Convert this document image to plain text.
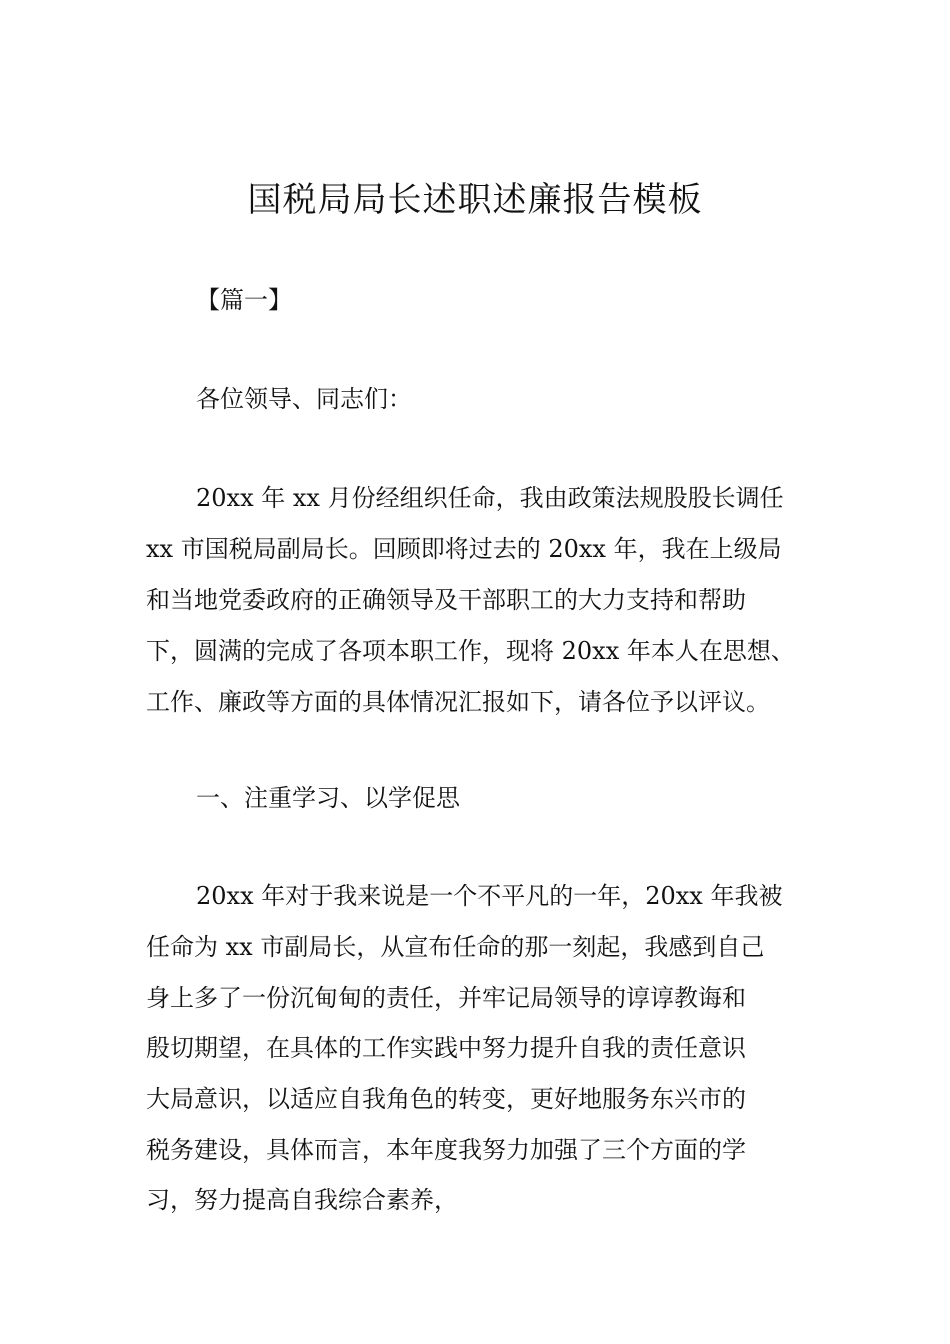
国税局局长述职述廉报告模板

【篇一】

各位领导、同志们：

20xx 年 xx 月份经组织任命，我由政策法规股股长调任

xx 市国税局副局长。回顾即将过去的 20xx 年，我在上级局

和当地党委政府的正确领导及干部职工的大力支持和帮助

下，圆满的完成了各项本职工作，现将 20xx 年本人在思想、

工作、廉政等方面的具体情况汇报如下，请各位予以评议。

一、注重学习、以学促思

20xx 年对于我来说是一个不平凡的一年，20xx 年我被

任命为 xx 市副局长，从宣布任命的那一刻起，我感到自己

身上多了一份沉甸甸的责任，并牢记局领导的谆谆教诲和

殷切期望，在具体的工作实践中努力提升自我的责任意识

大局意识，以适应自我角色的转变，更好地服务东兴市的

税务建设，具体而言，本年度我努力加强了三个方面的学

习，努力提高自我综合素养，
